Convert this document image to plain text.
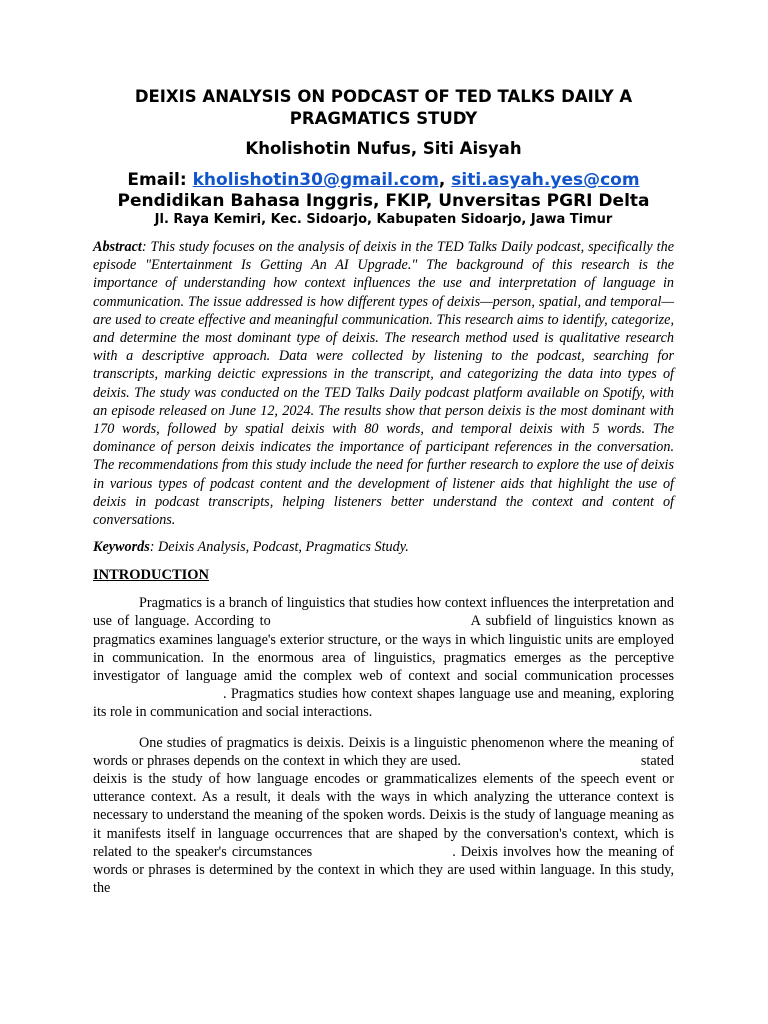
DEIXIS ANALYSIS ON PODCAST OF TED TALKS DAILY A PRAGMATICS STUDY

Kholishotin Nufus, Siti Aisyah

Email: kholishotin30@gmail.com, siti.asyah.yes@com

Pendidikan Bahasa Inggris, FKIP, Unversitas PGRI Delta

Jl. Raya Kemiri, Kec. Sidoarjo, Kabupaten Sidoarjo, Jawa Timur

Abstract: This study focuses on the analysis of deixis in the TED Talks Daily podcast, specifically the episode "Entertainment Is Getting An AI Upgrade." The background of this research is the importance of understanding how context influences the use and interpretation of language in communication. The issue addressed is how different types of deixis—person, spatial, and temporal—are used to create effective and meaningful communication. This research aims to identify, categorize, and determine the most dominant type of deixis. The research method used is qualitative research with a descriptive approach. Data were collected by listening to the podcast, searching for transcripts, marking deictic expressions in the transcript, and categorizing the data into types of deixis. The study was conducted on the TED Talks Daily podcast platform available on Spotify, with an episode released on June 12, 2024. The results show that person deixis is the most dominant with 170 words, followed by spatial deixis with 80 words, and temporal deixis with 5 words. The dominance of person deixis indicates the importance of participant references in the conversation. The recommendations from this study include the need for further research to explore the use of deixis in various types of podcast content and the development of listener aids that highlight the use of deixis in podcast transcripts, helping listeners better understand the context and content of conversations.

Keywords: Deixis Analysis, Podcast, Pragmatics Study.

INTRODUCTION

Pragmatics is a branch of linguistics that studies how context influences the interpretation and use of language. According to	A subfield of linguistics known as pragmatics examines language's exterior structure, or the ways in which linguistic units are employed in communication. In the enormous area of linguistics, pragmatics emerges as the perceptive investigator of language amid the complex web of context and social communication processes. Pragmatics studies how context shapes language use and meaning, exploring its role in communication and social interactions.

One studies of pragmatics is deixis. Deixis is a linguistic phenomenon where the meaning of words or phrases depends on the context in which they are used.	stated deixis is the study of how language encodes or grammaticalizes elements of the speech event or utterance context. As a result, it deals with the ways in which analyzing the utterance context is necessary to understand the meaning of the spoken words. Deixis is the study of language meaning as it manifests itself in language occurrences that are shaped by the conversation's context, which is related to the speaker's circumstances	. Deixis involves how the meaning of words or phrases is determined by the context in which they are used within language. In this study, the
